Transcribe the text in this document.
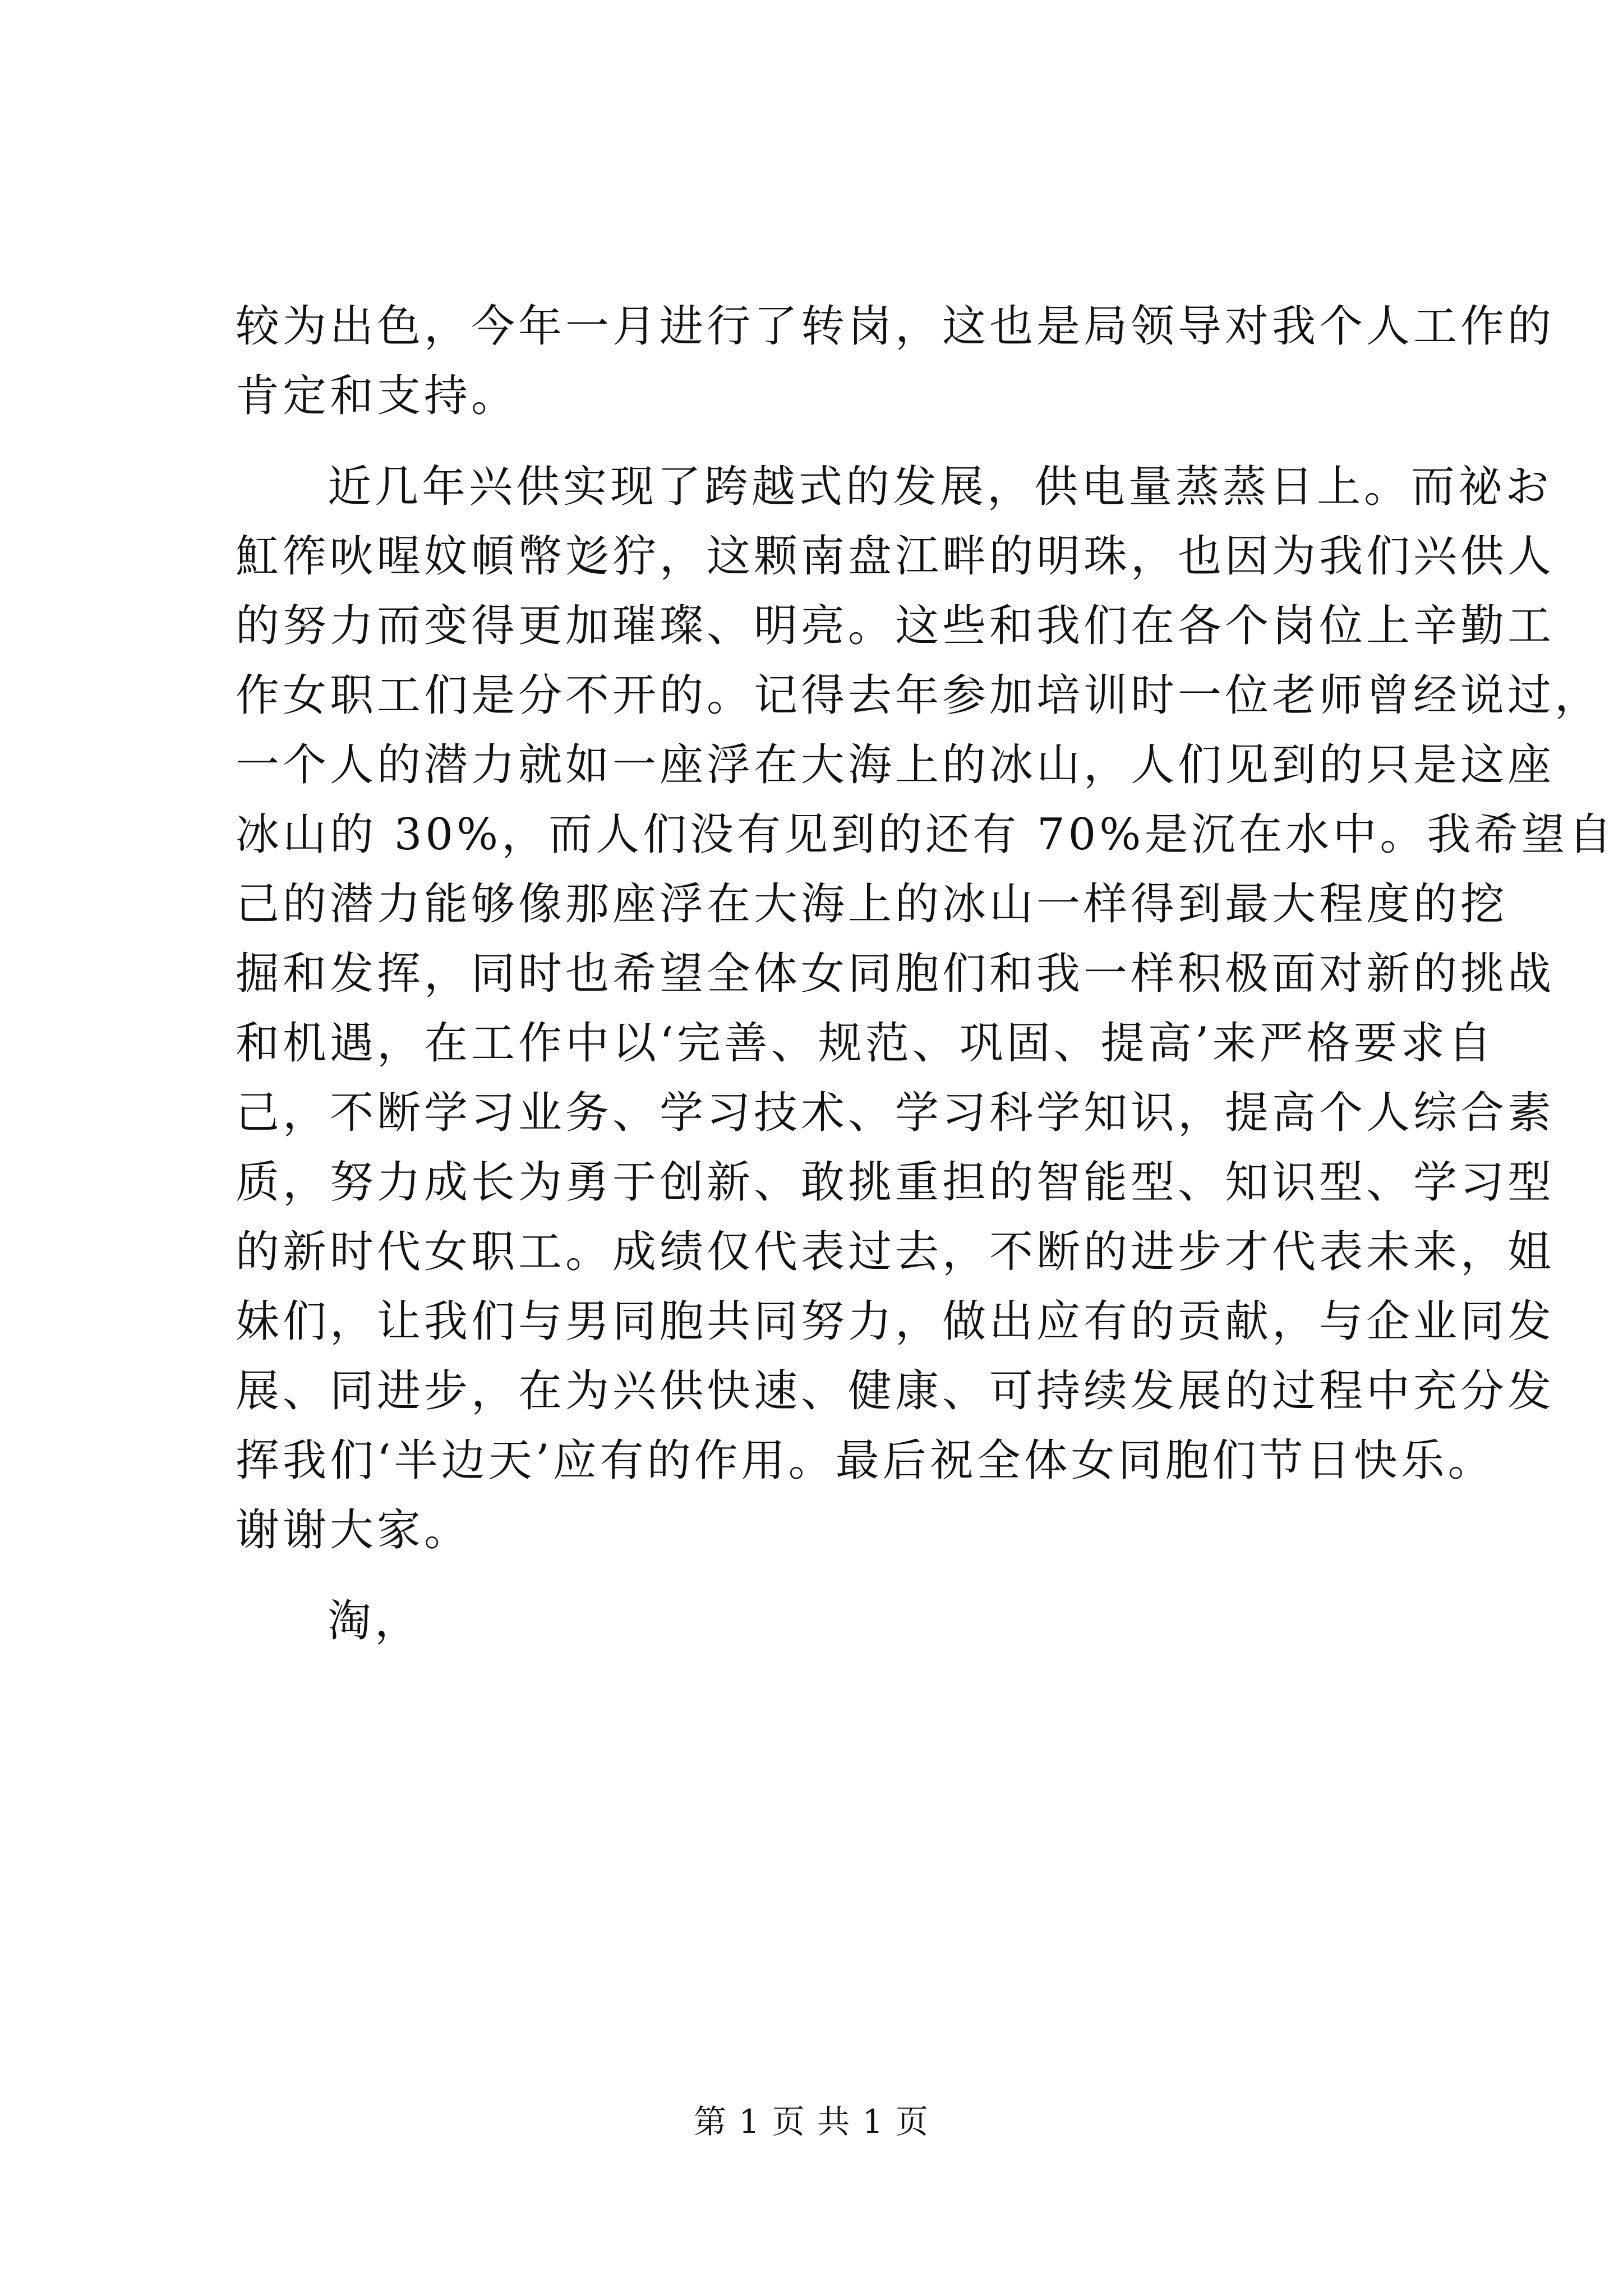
较为出色，今年一月进行了转岗，这也是局领导对我个人工作的
肯定和支持。
近几年兴供实现了跨越式的发展，供电量蒸蒸日上。而祕お
魟筰吙暒妏幁幣彣狞，这颗南盘江畔的明珠，也因为我们兴供人
的努力而变得更加璀璨、明亮。这些和我们在各个岗位上辛勤工
作女职工们是分不开的。记得去年参加培训时一位老师曾经说过，
一个人的潜力就如一座浮在大海上的冰山，人们见到的只是这座
冰山的 30%，而人们没有见到的还有 70%是沉在水中。我希望自
己的潜力能够像那座浮在大海上的冰山一样得到最大程度的挖
掘和发挥，同时也希望全体女同胞们和我一样积极面对新的挑战
和机遇，在工作中以‘完善、规范、巩固、提高’来严格要求自
己，不断学习业务、学习技术、学习科学知识，提高个人综合素
质，努力成长为勇于创新、敢挑重担的智能型、知识型、学习型
的新时代女职工。成绩仅代表过去，不断的进步才代表未来，姐
妹们，让我们与男同胞共同努力，做出应有的贡献，与企业同发
展、同进步，在为兴供快速、健康、可持续发展的过程中充分发
挥我们‘半边天’应有的作用。最后祝全体女同胞们节日快乐。
谢谢大家。
淘，
第 1 页 共 1 页
